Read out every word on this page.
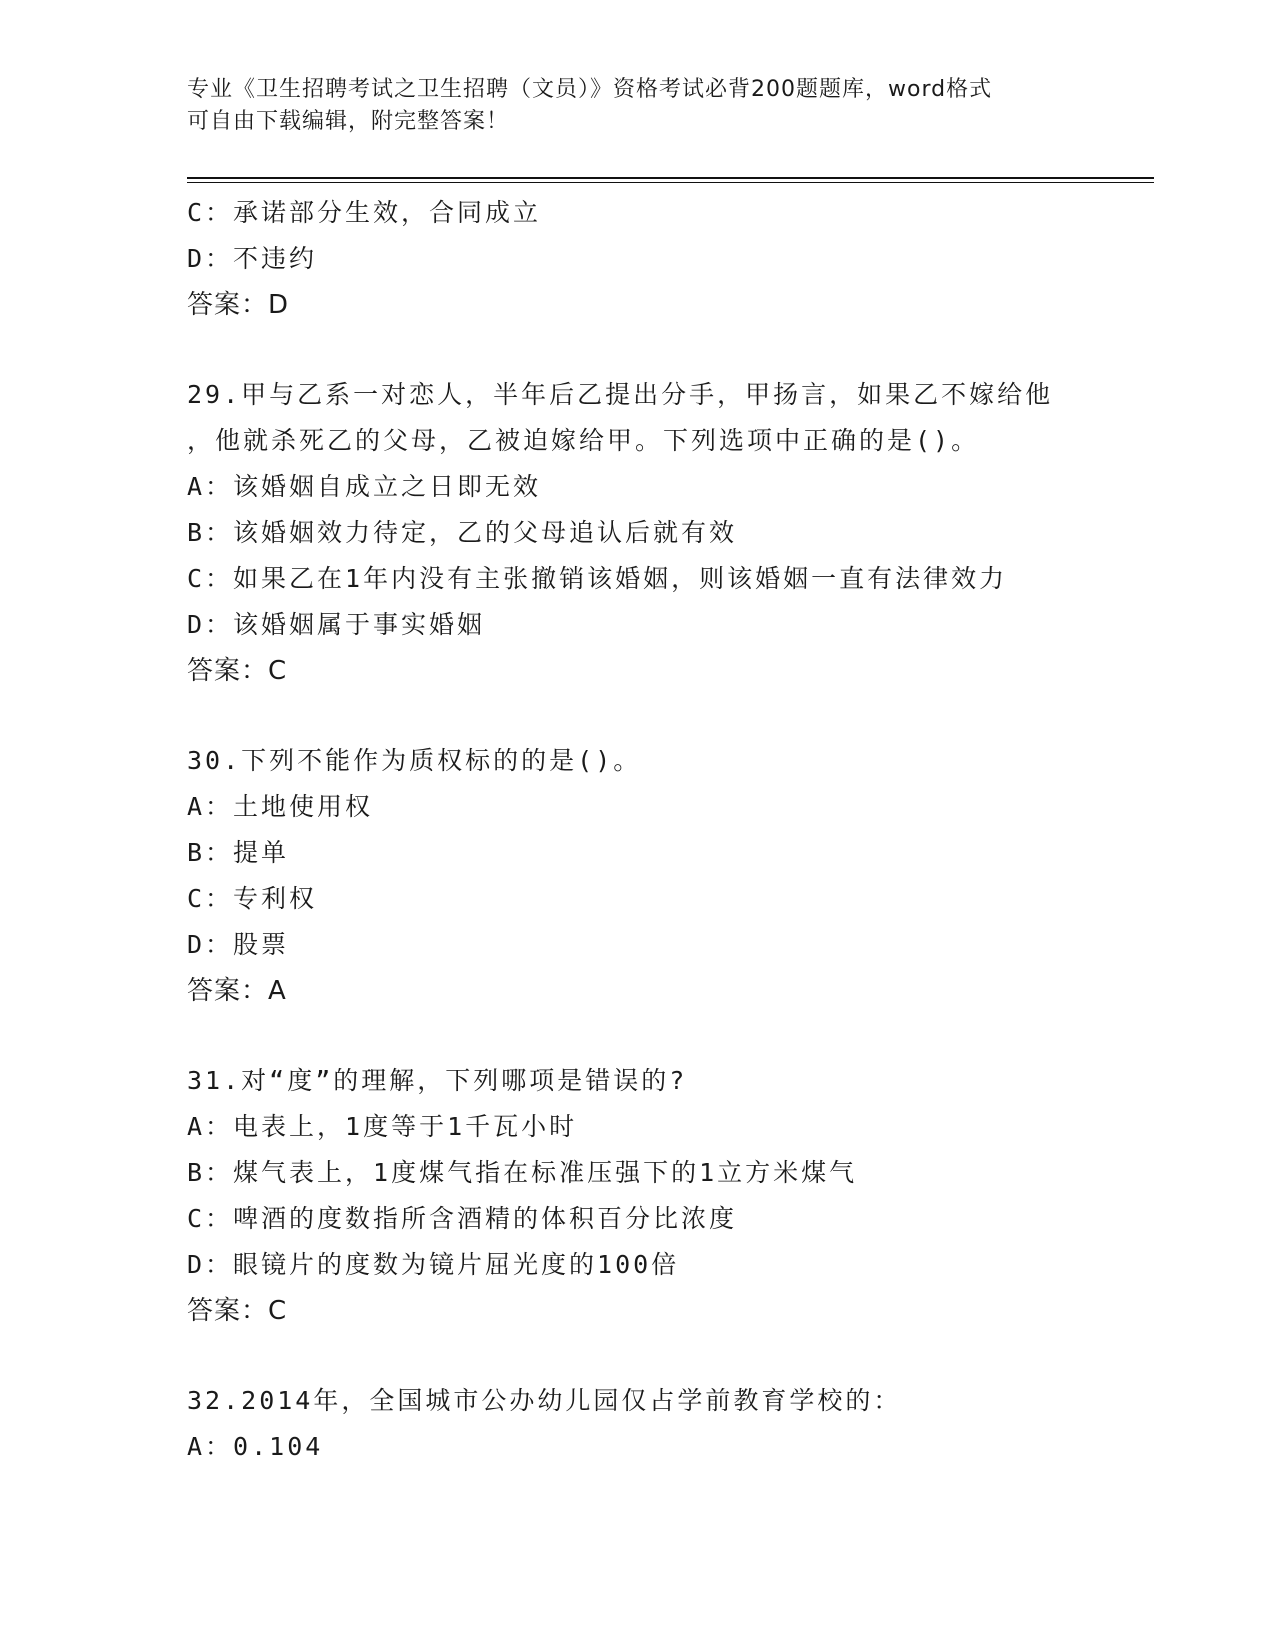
专业《卫生招聘考试之卫生招聘（文员）》资格考试必背200题题库，word格式
可自由下载编辑，附完整答案！
C：承诺部分生效，合同成立
D：不违约
答案：D
29.甲与乙系一对恋人，半年后乙提出分手，甲扬言，如果乙不嫁给他
，他就杀死乙的父母，乙被迫嫁给甲。下列选项中正确的是()。
A：该婚姻自成立之日即无效
B：该婚姻效力待定，乙的父母追认后就有效
C：如果乙在1年内没有主张撤销该婚姻，则该婚姻一直有法律效力
D：该婚姻属于事实婚姻
答案：C
30.下列不能作为质权标的的是()。
A：土地使用权
B：提单
C：专利权
D：股票
答案：A
31.对“度”的理解，下列哪项是错误的?
A：电表上，1度等于1千瓦小时
B：煤气表上，1度煤气指在标准压强下的1立方米煤气
C：啤酒的度数指所含酒精的体积百分比浓度
D：眼镜片的度数为镜片屈光度的100倍
答案：C
32.2014年，全国城市公办幼儿园仅占学前教育学校的：
A：0.104
